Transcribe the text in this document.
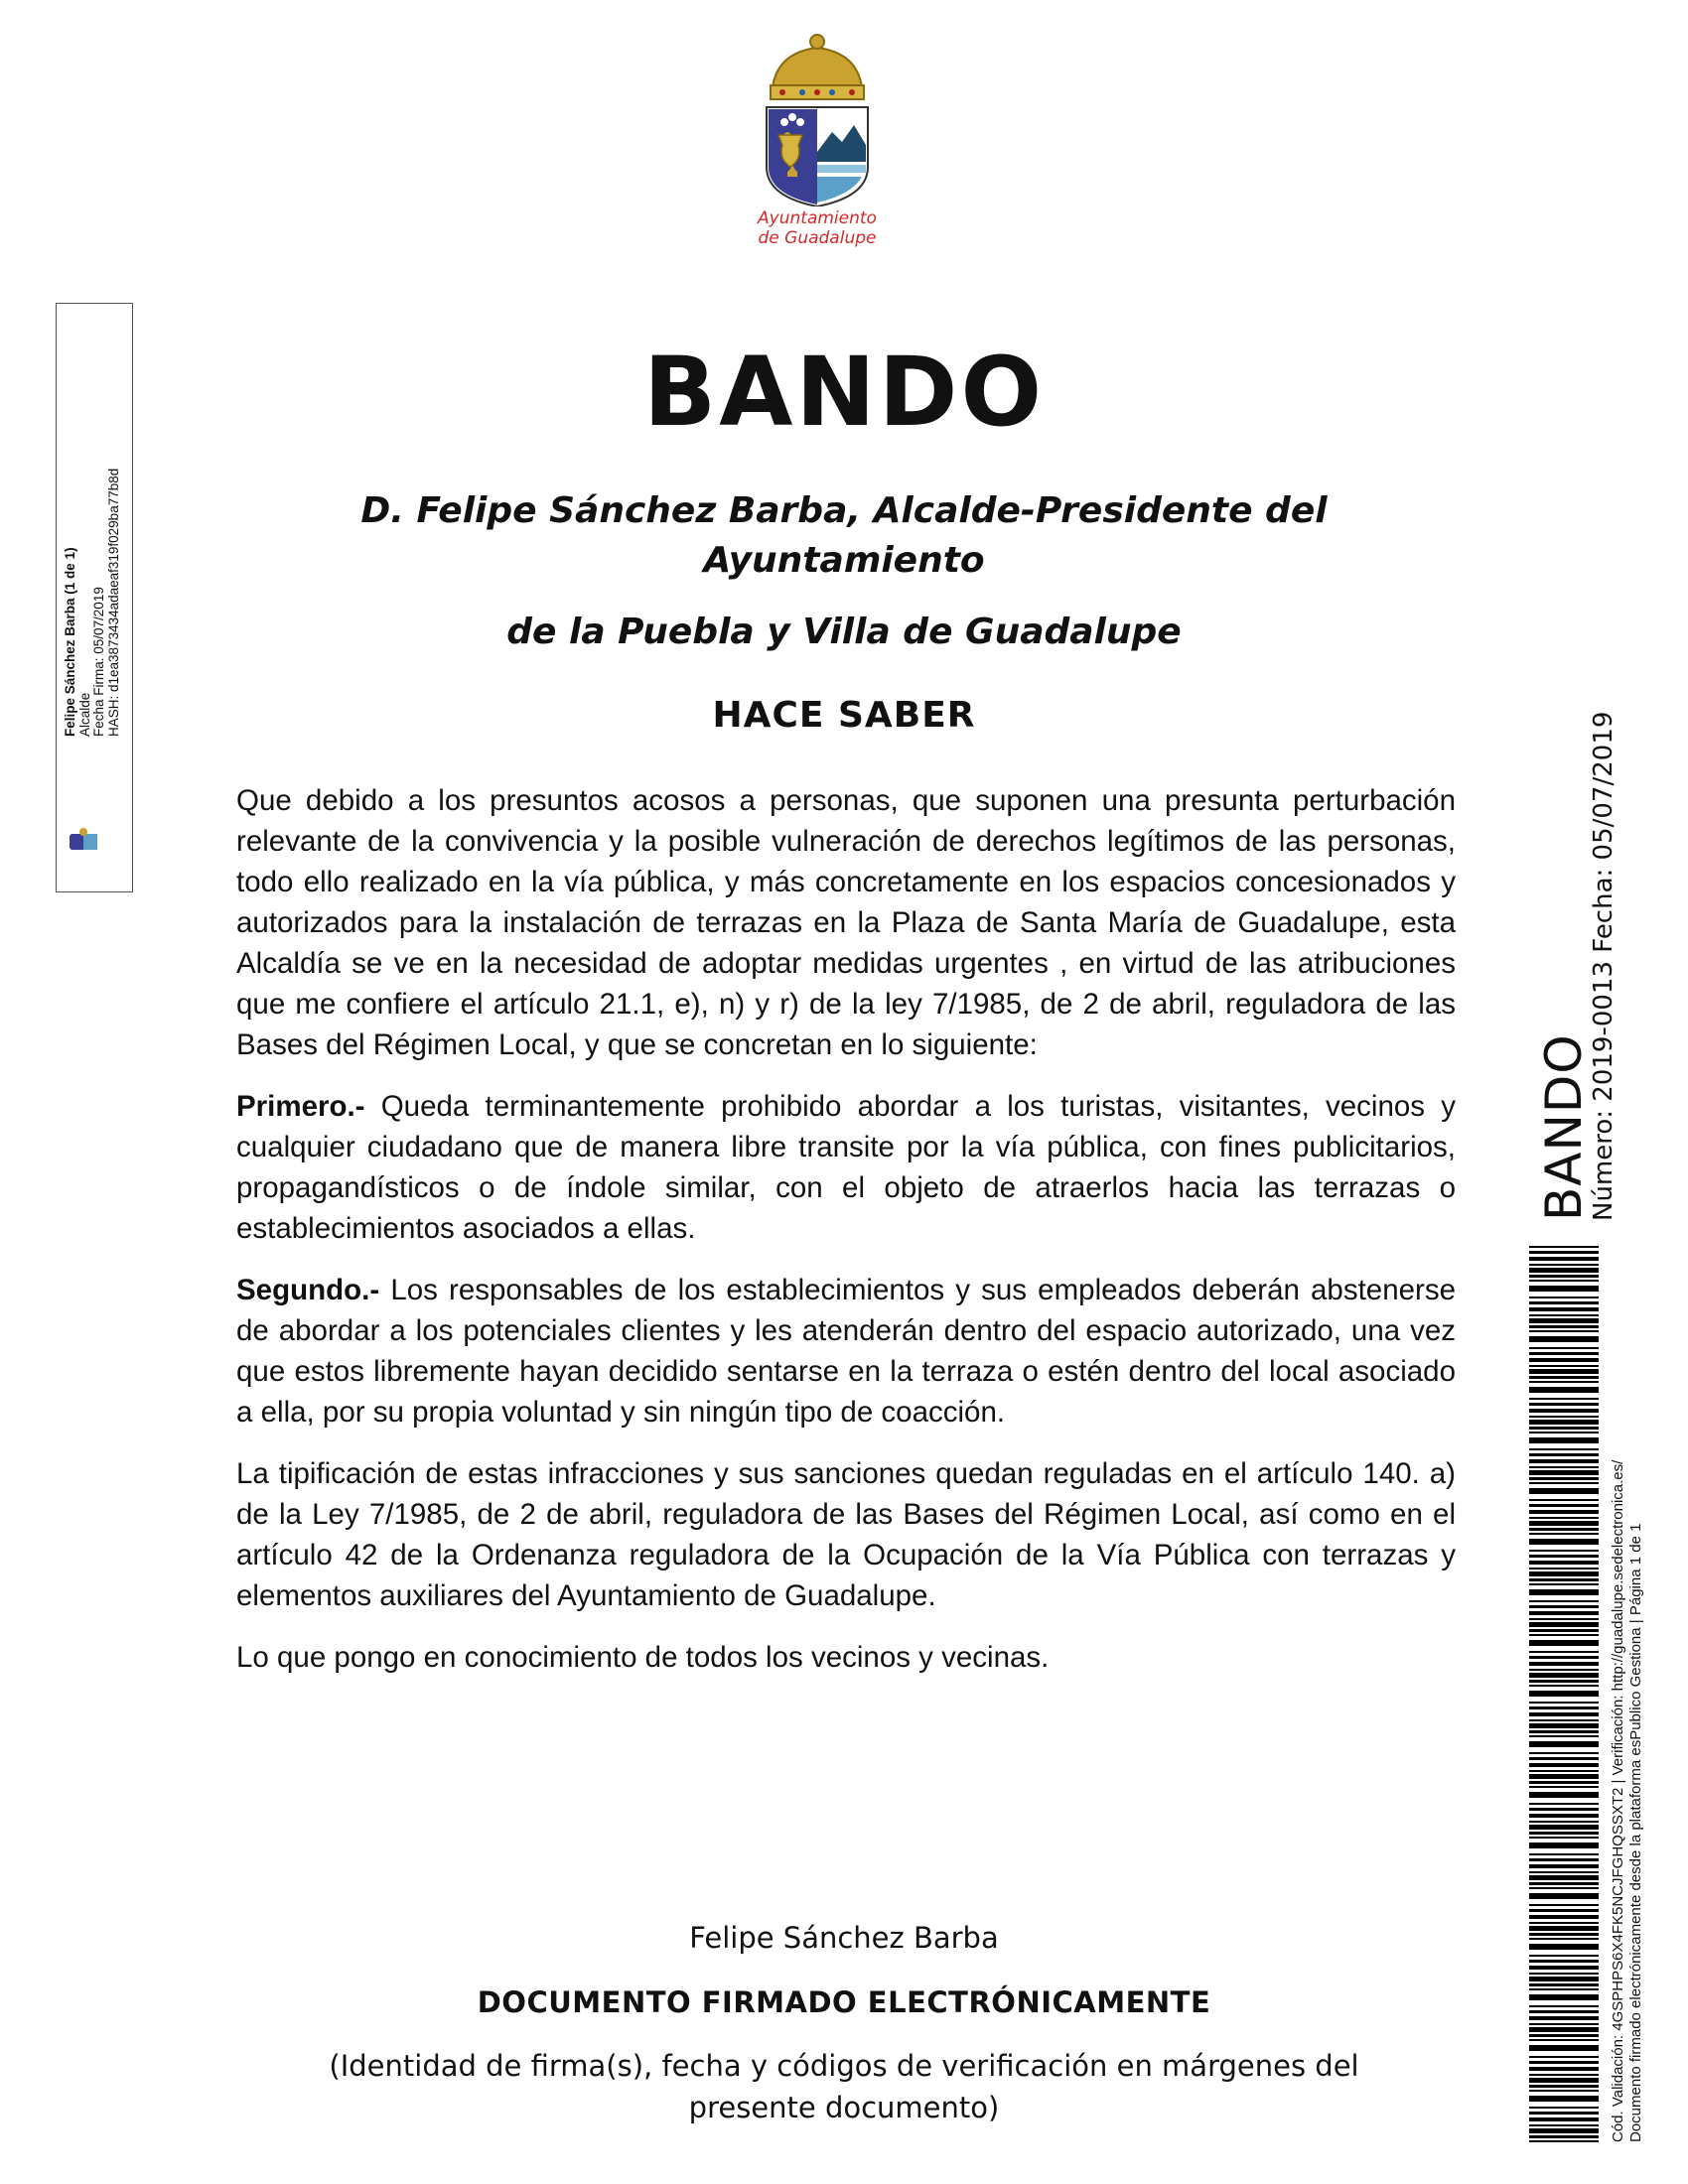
Ayuntamiento
de Guadalupe
BANDO
D. Felipe Sánchez Barba, Alcalde-Presidente del Ayuntamiento
de la Puebla y Villa de Guadalupe
HACE SABER

Que debido a los presuntos acosos a personas, que suponen una presunta perturbación relevante de la convivencia y la posible vulneración de derechos legítimos de las personas, todo ello realizado en la vía pública, y más concretamente en los espacios concesionados y autorizados para la instalación de terrazas en la Plaza de Santa María de Guadalupe, esta Alcaldía se ve en la necesidad de adoptar medidas urgentes , en virtud de las atribuciones que me confiere el artículo 21.1, e), n) y r) de la ley 7/1985, de 2 de abril, reguladora de las Bases del Régimen Local, y que se concretan en lo siguiente:

Primero.- Queda terminantemente prohibido abordar a los turistas, visitantes, vecinos y cualquier ciudadano que de manera libre transite por la vía pública, con fines publicitarios, propagandísticos o de índole similar, con el objeto de atraerlos hacia las terrazas o establecimientos asociados a ellas.

Segundo.- Los responsables de los establecimientos y sus empleados deberán abstenerse de abordar a los potenciales clientes y les atenderán dentro del espacio autorizado, una vez que estos libremente hayan decidido sentarse en la terraza o estén dentro del local asociado a ella, por su propia voluntad y sin ningún tipo de coacción.

La tipificación de estas infracciones y sus sanciones quedan reguladas en el artículo 140. a) de la Ley 7/1985, de 2 de abril, reguladora de las Bases del Régimen Local, así como en el artículo 42 de la Ordenanza reguladora de la Ocupación de la Vía Pública con terrazas y elementos auxiliares del Ayuntamiento de Guadalupe.

Lo que pongo en conocimiento de todos los vecinos y vecinas.

Felipe Sánchez Barba
DOCUMENTO FIRMADO ELECTRÓNICAMENTE
(Identidad de firma(s), fecha y códigos de verificación en márgenes del presente documento)
Felipe Sánchez Barba (1 de 1) Alcalde Fecha Firma: 05/07/2019 HASH: d1ea3873434adaeaf319f029ba77b8d
BANDO
Número: 2019-0013 Fecha: 05/07/2019
Cód. Validación: 4GSPHPS6X4FK5NCJFGHQSSXT2 | Verificación: http://guadalupe.sedelectronica.es/ Documento firmado electrónicamente desde la plataforma esPublico Gestiona | Página 1 de 1
